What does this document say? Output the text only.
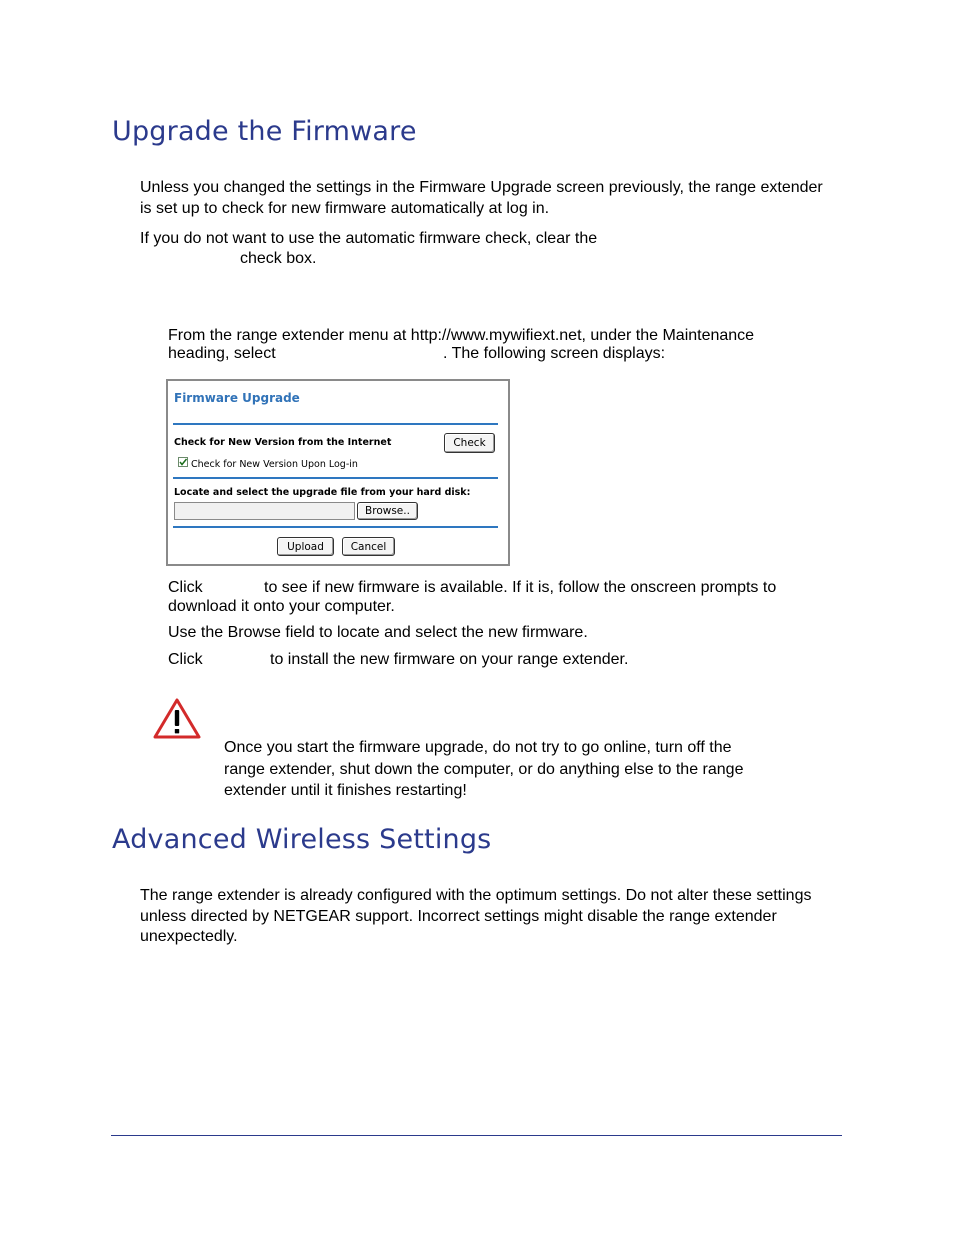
Upgrade the Firmware

Unless you changed the settings in the Firmware Upgrade screen previously, the range extender is set up to check for new firmware automatically at log in.

If you do not want to use the automatic firmware check, clear the

check box.

From the range extender menu at http://www.mywifiext.net, under the Maintenance

heading, select	. The following screen displays:

Firmware Upgrade
Check for New Version from the Internet	Check
Check for New Version Upon Log-in
Locate and select the upgrade file from your hard disk:
Browse..
Upload	Cancel

Click	to see if new firmware is available. If it is, follow the onscreen prompts to

download it onto your computer.

Use the Browse field to locate and select the new firmware.

Click	to install the new firmware on your range extender.

Once you start the firmware upgrade, do not try to go online, turn off the

range extender, shut down the computer, or do anything else to the range

extender until it finishes restarting!

Advanced Wireless Settings

The range extender is already configured with the optimum settings. Do not alter these settings unless directed by NETGEAR support. Incorrect settings might disable the range extender unexpectedly.
